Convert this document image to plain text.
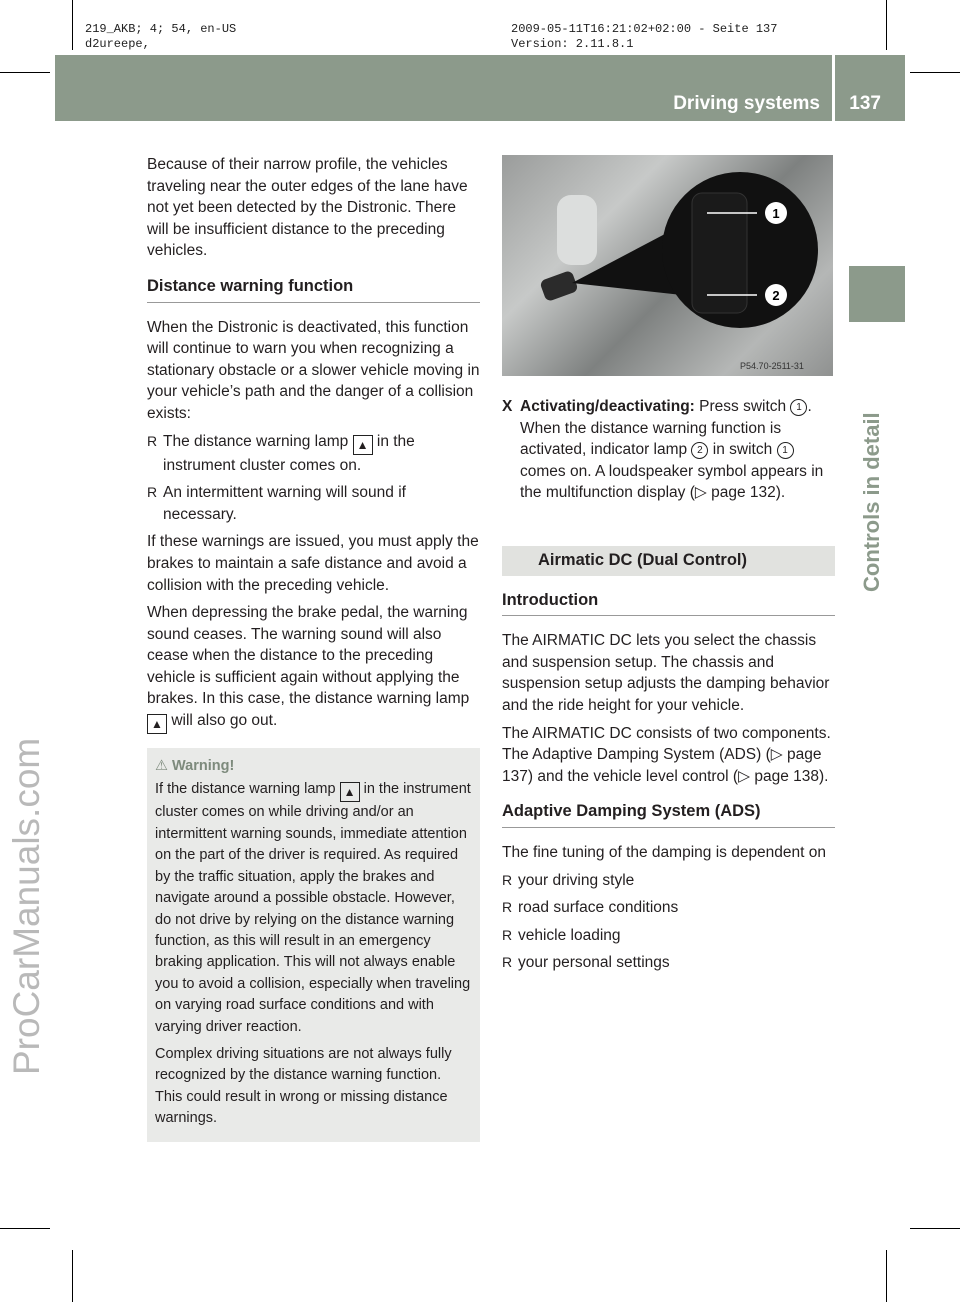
219_AKB; 4; 54, en-US
d2ureepe,
2009-05-11T16:21:02+02:00 - Seite 137
Version: 2.11.8.1
Driving systems 137
Controls in detail
ProCarManuals.com

Because of their narrow profile, the vehicles traveling near the outer edges of the lane have not yet been detected by the Distronic. There will be insufficient distance to the preceding vehicles.

Distance warning function

When the Distronic is deactivated, this function will continue to warn you when recognizing a stationary obstacle or a slower vehicle moving in your vehicle’s path and the danger of a collision exists:

R The distance warning lamp ▲ in the instrument cluster comes on.
R An intermittent warning will sound if necessary.

If these warnings are issued, you must apply the brakes to maintain a safe distance and avoid a collision with the preceding vehicle.

When depressing the brake pedal, the warning sound ceases. The warning sound will also cease when the distance to the preceding vehicle is sufficient again without applying the brakes. In this case, the distance warning lamp ▲ will also go out.

⚠ Warning!

If the distance warning lamp ▲ in the instrument cluster comes on while driving and/or an intermittent warning sounds, immediate attention on the part of the driver is required. As required by the traffic situation, apply the brakes and navigate around a possible obstacle. However, do not drive by relying on the distance warning function, as this will result in an emergency braking application. This will not always enable you to avoid a collision, especially when traveling on varying road surface conditions and with varying driver reaction.

Complex driving situations are not always fully recognized by the distance warning function. This could result in wrong or missing distance warnings.

1
2
P54.70-2511-31
X Activating/deactivating: Press switch 1 .
When the distance warning function is activated, indicator lamp 2 in switch 1 comes on. A loudspeaker symbol appears in the multifunction display (▷ page 132).
Airmatic DC (Dual Control)
Introduction

The AIRMATIC DC lets you select the chassis and suspension setup. The chassis and suspension setup adjusts the damping behavior and the ride height for your vehicle.

The AIRMATIC DC consists of two components. The Adaptive Damping System (ADS) (▷ page 137) and the vehicle level control (▷ page 138).

Adaptive Damping System (ADS)

The fine tuning of the damping is dependent on

R your driving style
R road surface conditions
R vehicle loading
R your personal settings
